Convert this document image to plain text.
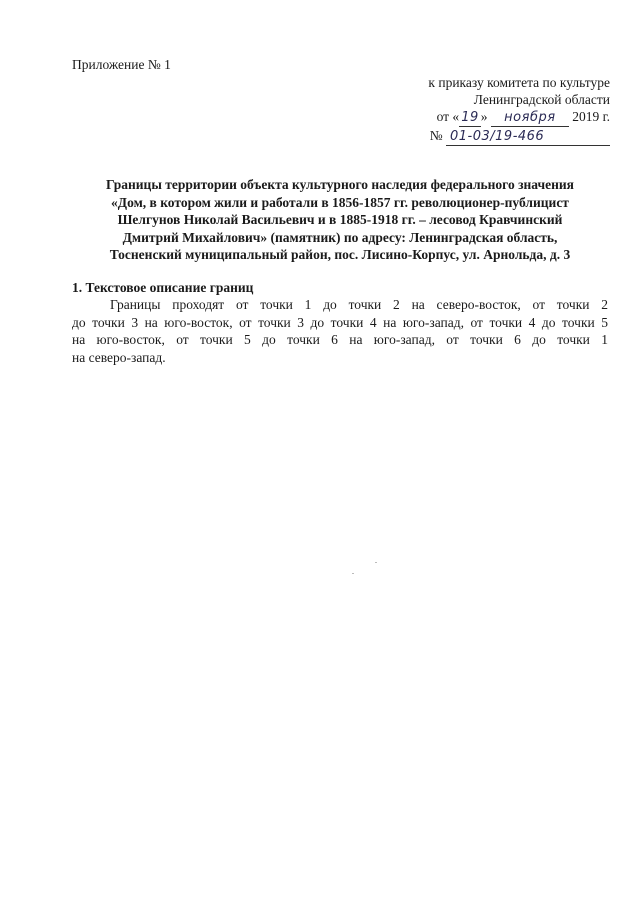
Приложение № 1
к приказу комитета по культуре
Ленинградской области
от « 19 » ноября 2019 г.
№ 01-03/19-466
Границы территории объекта культурного наследия федерального значения
«Дом, в котором жили и работали в 1856-1857 гг. революционер-публицист
Шелгунов Николай Васильевич и в 1885-1918 гг. – лесовод Кравчинский
Дмитрий Михайлович» (памятник) по адресу: Ленинградская область,
Тосненский муниципальный район, пос. Лисино-Корпус, ул. Арнольда, д. 3
1. Текстовое описание границ
Границы проходят от точки 1 до точки 2 на северо-восток, от точки 2
до точки 3 на юго-восток, от точки 3 до точки 4 на юго-запад, от точки 4 до точки 5
на юго-восток, от точки 5 до точки 6 на юго-запад, от точки 6 до точки 1
на северо-запад.
